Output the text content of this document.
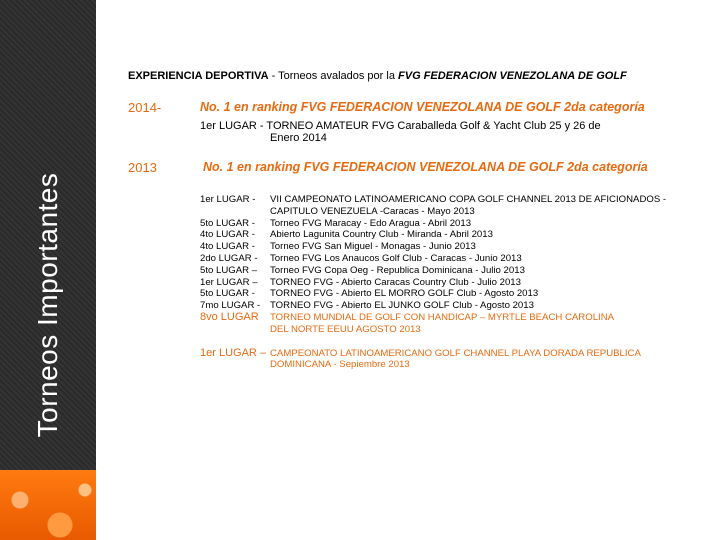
Torneos Importantes

EXPERIENCIA DEPORTIVA - Torneos avalados por la FVG FEDERACION VENEZOLANA DE GOLF

2014-	No. 1 en ranking FVG FEDERACION VENEZOLANA DE GOLF 2da categoría
1er LUGAR - TORNEO AMATEUR FVG Caraballeda Golf & Yacht Club 25 y 26 de
Enero 2014
2013	No. 1 en ranking FVG FEDERACION VENEZOLANA DE GOLF 2da categoría
1er LUGAR - VII CAMPEONATO LATINOAMERICANO COPA GOLF CHANNEL 2013 DE AFICIONADOS - CAPITULO VENEZUELA -Caracas - Mayo 2013
5to LUGAR - Torneo FVG Maracay - Edo Aragua - Abril 2013
4to LUGAR - Abierto Lagunita Country Club - Miranda - Abril 2013
4to LUGAR - Torneo FVG San Miguel - Monagas - Junio 2013
2do LUGAR - Torneo FVG Los Anaucos Golf Club - Caracas - Junio 2013
5to LUGAR – Torneo FVG Copa Oeg - Republica Dominicana - Julio 2013
1er LUGAR – TORNEO FVG - Abierto Caracas Country Club - Julio 2013
5to LUGAR - TORNEO FVG - Abierto EL MORRO GOLF Club - Agosto 2013
7mo LUGAR - TORNEO FVG - Abierto EL JUNKO GOLF Club - Agosto 2013
8vo LUGAR TORNEO MUNDIAL DE GOLF CON HANDICAP – MYRTLE BEACH CAROLINA DEL NORTE EEUU AGOSTO 2013
1er LUGAR – CAMPEONATO LATINOAMERICANO GOLF CHANNEL PLAYA DORADA REPUBLICA DOMINICANA - Sepiembre 2013
